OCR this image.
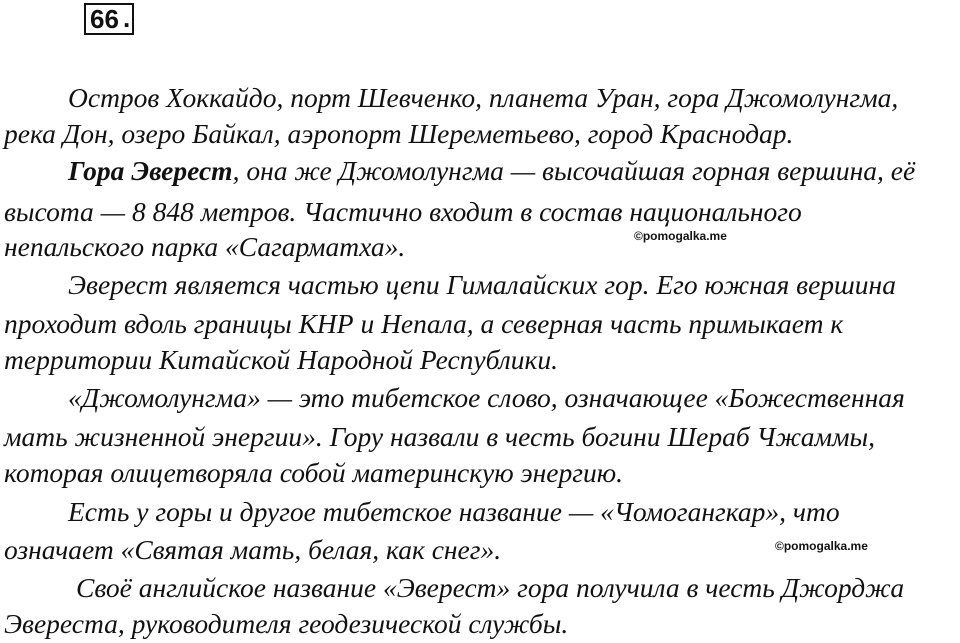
66 .
Остров Хоккайдо, порт Шевченко, планета Уран, гора Джомолунгма,
река Дон, озеро Байкал, аэропорт Шереметьево, город Краснодар.
Гора Эверест, она же Джомолунгма — высочайшая горная вершина, её
высота — 8 848 метров. Частично входит в состав национального
непальского парка «Сагарматха».	©pomogalka.me
Эверест является частью цепи Гималайских гор. Его южная вершина
проходит вдоль границы КНР и Непала, а северная часть примыкает к
территории Китайской Народной Республики.
«Джомолунгма» — это тибетское слово, означающее «Божественная
мать жизненной энергии». Гору назвали в честь богини Шераб Чжаммы,
которая олицетворяла собой материнскую энергию.
Есть у горы и другое тибетское название — «Чомогангкар», что
означает «Святая мать, белая, как снег».	©pomogalka.me
Своё английское название «Эверест» гора получила в честь Джорджа
Эвереста, руководителя геодезической службы.
